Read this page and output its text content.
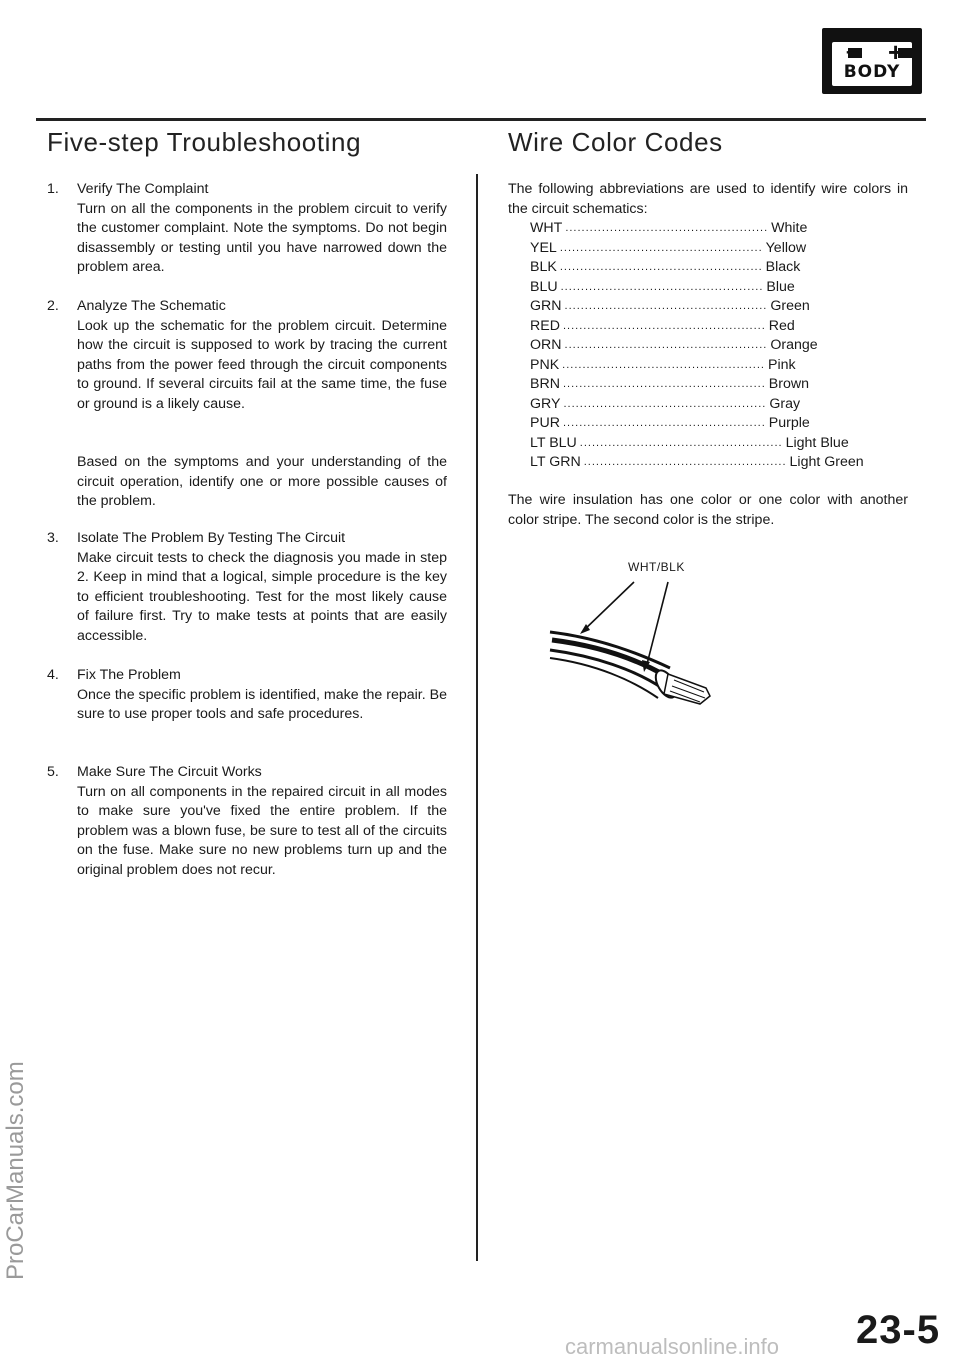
– +
BODY
Five-step Troubleshooting	Wire Color Codes
1. Verify The Complaint
Turn on all the components in the problem circuit to verify the customer complaint. Note the symptoms. Do not begin disassembly or testing until you have narrowed down the problem area.
2. Analyze The Schematic
Look up the schematic for the problem circuit. Determine how the circuit is supposed to work by tracing the current paths from the power feed through the circuit components to ground. If several circuits fail at the same time, the fuse or ground is a likely cause.
Based on the symptoms and your understanding of the circuit operation, identify one or more possible causes of the problem.
3. Isolate The Problem By Testing The Circuit
Make circuit tests to check the diagnosis you made in step 2. Keep in mind that a logical, simple procedure is the key to efficient troubleshooting. Test for the most likely cause of failure first. Try to make tests at points that are easily accessible.
4. Fix The Problem
Once the specific problem is identified, make the repair. Be sure to use proper tools and safe procedures.
5. Make Sure The Circuit Works
Turn on all components in the repaired circuit in all modes to make sure you've fixed the entire problem. If the problem was a blown fuse, be sure to test all of the circuits on the fuse. Make sure no new problems turn up and the original problem does not recur.
The following abbreviations are used to identify wire colors in the circuit schematics:
WHT .................................................. White
YEL .................................................. Yellow
BLK .................................................. Black
BLU .................................................. Blue
GRN .................................................. Green
RED .................................................. Red
ORN .................................................. Orange
PNK .................................................. Pink
BRN .................................................. Brown
GRY .................................................. Gray
PUR .................................................. Purple
LT BLU .................................................. Light Blue
LT GRN .................................................. Light Green
The wire insulation has one color or one color with another color stripe. The second color is the stripe.
WHT/BLK
ProCarManuals.com
carmanualsonline.info 23-5
